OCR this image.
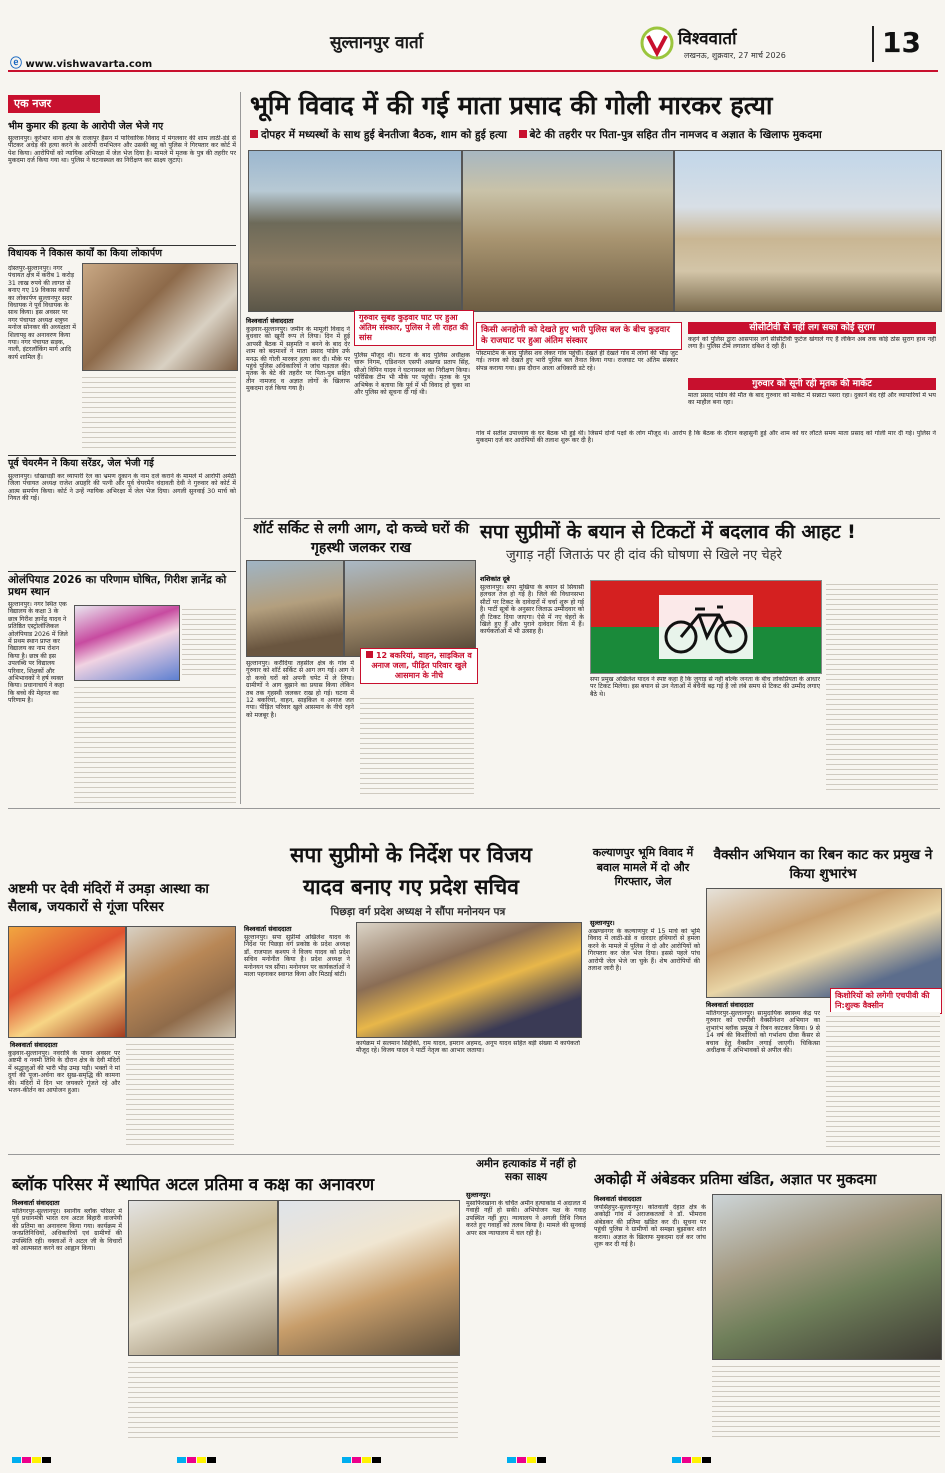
सुल्तानपुर वार्ता
ⓔ www.vishwavarta.com
विश्ववार्ता
लखनऊ, शुक्रवार, 27 मार्च 2026	13
एक नजर
भीम कुमार की हत्या के आरोपी जेल भेजे गए
सुल्तानपुर। कूरेभार थाना क्षेत्र के राजापुर हैसन में पारिवारिक विवाद में मंगलवार की शाम लाठी-डंडे से पीटकर अधेड़ की हत्या करने के आरोपी रामभिलन और उसकी बहू को पुलिस ने गिरफ्तार कर कोर्ट में पेश किया। आरोपियों को न्यायिक अभिरक्षा में जेल भेज दिया है। मामले में मृतक के पुत्र की तहरीर पर मुकदमा दर्ज किया गया था। पुलिस ने घटनास्थल का निरीक्षण कर साक्ष्य जुटाए।
विधायक ने विकास कार्यों का किया लोकार्पण
दोस्तपुर-सुल्तानपुर। नगर पंचायत क्षेत्र में करीब 1 करोड़ 31 लाख रुपये की लागत से बनाए गए 19 विकास कार्यों का लोकार्पण सुल्तानपुर सदर विधायक ने पूर्व विधायक के साथ किया। इस अवसर पर नगर पंचायत अध्यक्ष शत्रुघ्न मनोज सोनकर की अध्यक्षता में शिलापट्ट का अनावरण किया गया। नगर पंचायत सड़क, नाली, इंटरलॉकिंग मार्ग आदि कार्य शामिल हैं।
पूर्व चेयरमैन ने किया सरेंडर, जेल भेजी गई
सुल्तानपुर। धोखाधड़ी कर व्यापारी रेल का भ्रमण दूकान के नाम दर्ज कराने के मामले में आरोपी अमेठी जिला पंचायत अध्यक्ष राजेश अग्रहरि की पत्नी और पूर्व चेयरमैन चंदावती देवी ने गुरुवार को कोर्ट में आत्म समर्पण किया। कोर्ट ने उन्हें न्यायिक अभिरक्षा में जेल भेज दिया। अगली सुनवाई 30 मार्च को नियत की गई।
ओलंपियाड 2026 का परिणाम घोषित, गिरीश ज्ञानेंद्र को प्रथम स्थान
सुल्तानपुर। नगर स्थित एक विद्यालय के कक्षा 3 के छात्र गिरीश ज्ञानेंद्र यादव ने प्रतिष्ठित एस्ट्रोलॉजिकल ओलंपियाड 2026 में जिले में प्रथम स्थान प्राप्त कर विद्यालय का नाम रोशन किया है। छात्र की इस उपलब्धि पर विद्यालय परिवार, शिक्षकों और अभिभावकों ने हर्ष व्यक्त किया। प्रधानाचार्य ने कहा कि बच्चे की मेहनत का परिणाम है।
भूमि विवाद में की गई माता प्रसाद की गोली मारकर हत्या
दोपहर में मध्यस्थों के साथ हुई बेनतीजा बैठक, शाम को हुई हत्या बेटे की तहरीर पर पिता-पुत्र सहित तीन नामजद व अज्ञात के खिलाफ मुकदमा
विश्ववार्ता संवाददाता
कुड़वार-सुल्तानपुर। जमीन के मामूली विवाद ने बुधवार को खूनी रूप ले लिया। दिन में हुई आपसी बैठक में सहमति न बनने के बाद देर शाम को बदमाशों ने माता प्रसाद पांडेय उर्फ मनऊ की गोली मारकर हत्या कर दी। मौके पर पहुंचे पुलिस अधिकारियों ने जांच पड़ताल की। मृतक के बेटे की तहरीर पर पिता-पुत्र सहित तीन नामजद व अज्ञात लोगों के खिलाफ मुकदमा दर्ज किया गया है।
गुरुवार सुबह कुड़वार घाट पर हुआ अंतिम संस्कार, पुलिस ने ली राहत की सांस
पुलिस मौजूद थी। घटना के बाद पुलिस अधीक्षक चारू निगम, एडिशनल एसपी अखण्ड प्रताप सिंह, सीओ विपिन यादव ने घटनास्थल का निरीक्षण किया। फॉरेंसिक टीम भी मौके पर पहुंची। मृतक के पुत्र अभिषेक ने बताया कि पूर्व में भी विवाद हो चुका था और पुलिस को सूचना दी गई थी।
किसी अनहोनी को देखते हुए भारी पुलिस बल के बीच कुड़वार के राजघाट पर हुआ अंतिम संस्कार
पोस्टमार्टम के बाद पुलिस शव लेकर गांव पहुंची। देखते ही देखते गांव में लोगों की भीड़ जुट गई। तनाव को देखते हुए भारी पुलिस बल तैनात किया गया। राजघाट पर अंतिम संस्कार संपन्न कराया गया। इस दौरान आला अधिकारी डटे रहे।
सीसीटीवी से नहीं लग सका कोई सुराग
कहने को पुलिस द्वारा आसपास लगे सीसीटीवी फुटेज खंगाले गए हैं लेकिन अब तक कोई ठोस सुराग हाथ नहीं लगा है। पुलिस टीमें लगातार दबिश दे रही हैं।
गुरुवार को सूनी रही मृतक की मार्केट
माता प्रसाद पांडेय की मौत के बाद गुरुवार को मार्केट में सन्नाटा पसरा रहा। दुकानें बंद रहीं और व्यापारियों में भय का माहौल बना रहा।
गांव में सतीश उपाध्याय के घर बैठक भी हुई थी। जिसमें दोनों पक्षों के लोग मौजूद थे। आरोप है कि बैठक के दौरान कहासुनी हुई और शाम को घर लौटते समय माता प्रसाद को गोली मार दी गई। पुलिस ने मुकदमा दर्ज कर आरोपियों की तलाश शुरू कर दी है।
शॉर्ट सर्किट से लगी आग, दो कच्चे घरों की गृहस्थी जलकर राख
12 बकरियां, वाहन, साइकिल व अनाज जला, पीड़ित परिवार खुले आसमान के नीचे
सुल्तानपुर। करौंदिया तहसील क्षेत्र के गांव में गुरुवार को शॉर्ट सर्किट से आग लग गई। आग ने दो कच्चे घरों को अपनी चपेट में ले लिया। ग्रामीणों ने आग बुझाने का प्रयास किया लेकिन तब तक गृहस्थी जलकर राख हो गई। घटना में 12 बकरियां, वाहन, साइकिल व अनाज जल गया। पीड़ित परिवार खुले आसमान के नीचे रहने को मजबूर है।
सपा सुप्रीमों के बयान से टिकटों में बदलाव की आहट !
जुगाड़ नहीं जिताऊं पर ही दांव की घोषणा से खिले नए चेहरे
शशिकांत दूबे
सुल्तानपुर। सपा मुखिया के बयान से सियासी हलचल तेज हो गई है। जिले की विधानसभा सीटों पर टिकट के दावेदारों में चर्चा शुरू हो गई है। पार्टी सूत्रों के अनुसार जिताऊ उम्मीदवार को ही टिकट दिया जाएगा। ऐसे में नए चेहरों के खिले हुए हैं और पुराने दावेदार चिंता में हैं। कार्यकर्ताओं में भी उत्साह है।
सपा प्रमुख अखिलेश यादव ने स्पष्ट कहा है कि जुगाड़ से नहीं बल्कि जनता के बीच लोकप्रियता के आधार पर टिकट मिलेगा। इस बयान से उन नेताओं में बेचैनी बढ़ गई है जो लंबे समय से टिकट की उम्मीद लगाए बैठे थे।
अष्टमी पर देवी मंदिरों में उमड़ा आस्था का सैलाब, जयकारों से गूंजा परिसर
विश्ववार्ता संवाददाता
कुड़वार-सुल्तानपुर। नवरात्रि के पावन अवसर पर अष्टमी व नवमी तिथि के दौरान क्षेत्र के देवी मंदिरों में श्रद्धालुओं की भारी भीड़ उमड़ पड़ी। भक्तों ने मां दुर्गा की पूजा-अर्चना कर सुख-समृद्धि की कामना की। मंदिरों में दिन भर जयकारे गूंजते रहे और भजन-कीर्तन का आयोजन हुआ।
सपा सुप्रीमो के निर्देश पर विजय
यादव बनाए गए प्रदेश सचिव
पिछड़ा वर्ग प्रदेश अध्यक्ष ने सौंपा मनोनयन पत्र
विश्ववार्ता संवाददाता
सुल्तानपुर। सपा सुप्रीमो अखिलेश यादव के निर्देश पर पिछड़ा वर्ग प्रकोष्ठ के प्रदेश अध्यक्ष डॉ. राजपाल कश्यप ने विजय यादव को प्रदेश सचिव मनोनीत किया है। प्रदेश अध्यक्ष ने मनोनयन पत्र सौंपा। मनोनयन पर कार्यकर्ताओं ने माला पहनाकर स्वागत किया और मिठाई बांटी।
कार्यक्रम में सलमान सिद्दीकी, राम यादव, इमरान अहमद, अनूप यादव सहित बड़ी संख्या में कार्यकर्ता मौजूद रहे। विजय यादव ने पार्टी नेतृत्व का आभार जताया।
कल्याणपुर भूमि विवाद में बवाल मामले में दो और गिरफ्तार, जेल
सुल्तानपुर।
अखण्डनगर के कल्याणपुर में 15 मार्च को भूमि विवाद में लाठी-डंडे व धारदार हथियारों से हमला करने के मामले में पुलिस ने दो और आरोपियों को गिरफ्तार कर जेल भेज दिया। इससे पहले पांच आरोपी जेल भेजे जा चुके हैं। शेष आरोपियों की तलाश जारी है।
वैक्सीन अभियान का रिबन काट कर प्रमुख ने किया शुभारंभ
किशोरियों को लगेगी एचपीवी की नि:शुल्क वैक्सीन
विश्ववार्ता संवाददाता
मोतिगरपुर-सुल्तानपुर। सामुदायिक स्वास्थ्य केंद्र पर गुरुवार को एचपीवी वैक्सीनेशन अभियान का शुभारंभ ब्लॉक प्रमुख ने रिबन काटकर किया। 9 से 14 वर्ष की किशोरियों को गर्भाशय ग्रीवा कैंसर से बचाव हेतु वैक्सीन लगाई जाएगी। चिकित्सा अधीक्षक ने अभिभावकों से अपील की।
ब्लॉक परिसर में स्थापित अटल प्रतिमा व कक्ष का अनावरण
विश्ववार्ता संवाददाता
मोतिगरपुर-सुल्तानपुर। स्थानीय ब्लॉक परिसर में पूर्व प्रधानमंत्री भारत रत्न अटल बिहारी वाजपेयी की प्रतिमा का अनावरण किया गया। कार्यक्रम में जनप्रतिनिधियों, अधिकारियों एवं ग्रामीणों की उपस्थिति रही। वक्ताओं ने अटल जी के विचारों को आत्मसात करने का आह्वान किया।
अमीन हत्याकांड में नहीं हो सका साक्ष्य
सुल्तानपुर।
मुसाफिरखाना के चर्चित अमीन हत्याकांड में अदालत में गवाही नहीं हो सकी। अभियोजन पक्ष के गवाह उपस्थित नहीं हुए। न्यायालय ने अगली तिथि नियत करते हुए गवाहों को तलब किया है। मामले की सुनवाई अपर सत्र न्यायालय में चल रही है।
अकोढ़ी में अंबेडकर प्रतिमा खंडित, अज्ञात पर मुकदमा
विश्ववार्ता संवाददाता
जयसिंहपुर-सुल्तानपुर। कोतवाली देहात क्षेत्र के अकोढ़ी गांव में अराजकतत्वों ने डॉ. भीमराव अंबेडकर की प्रतिमा खंडित कर दी। सूचना पर पहुंची पुलिस ने ग्रामीणों को समझा बुझाकर शांत कराया। अज्ञात के खिलाफ मुकदमा दर्ज कर जांच शुरू कर दी गई है।
